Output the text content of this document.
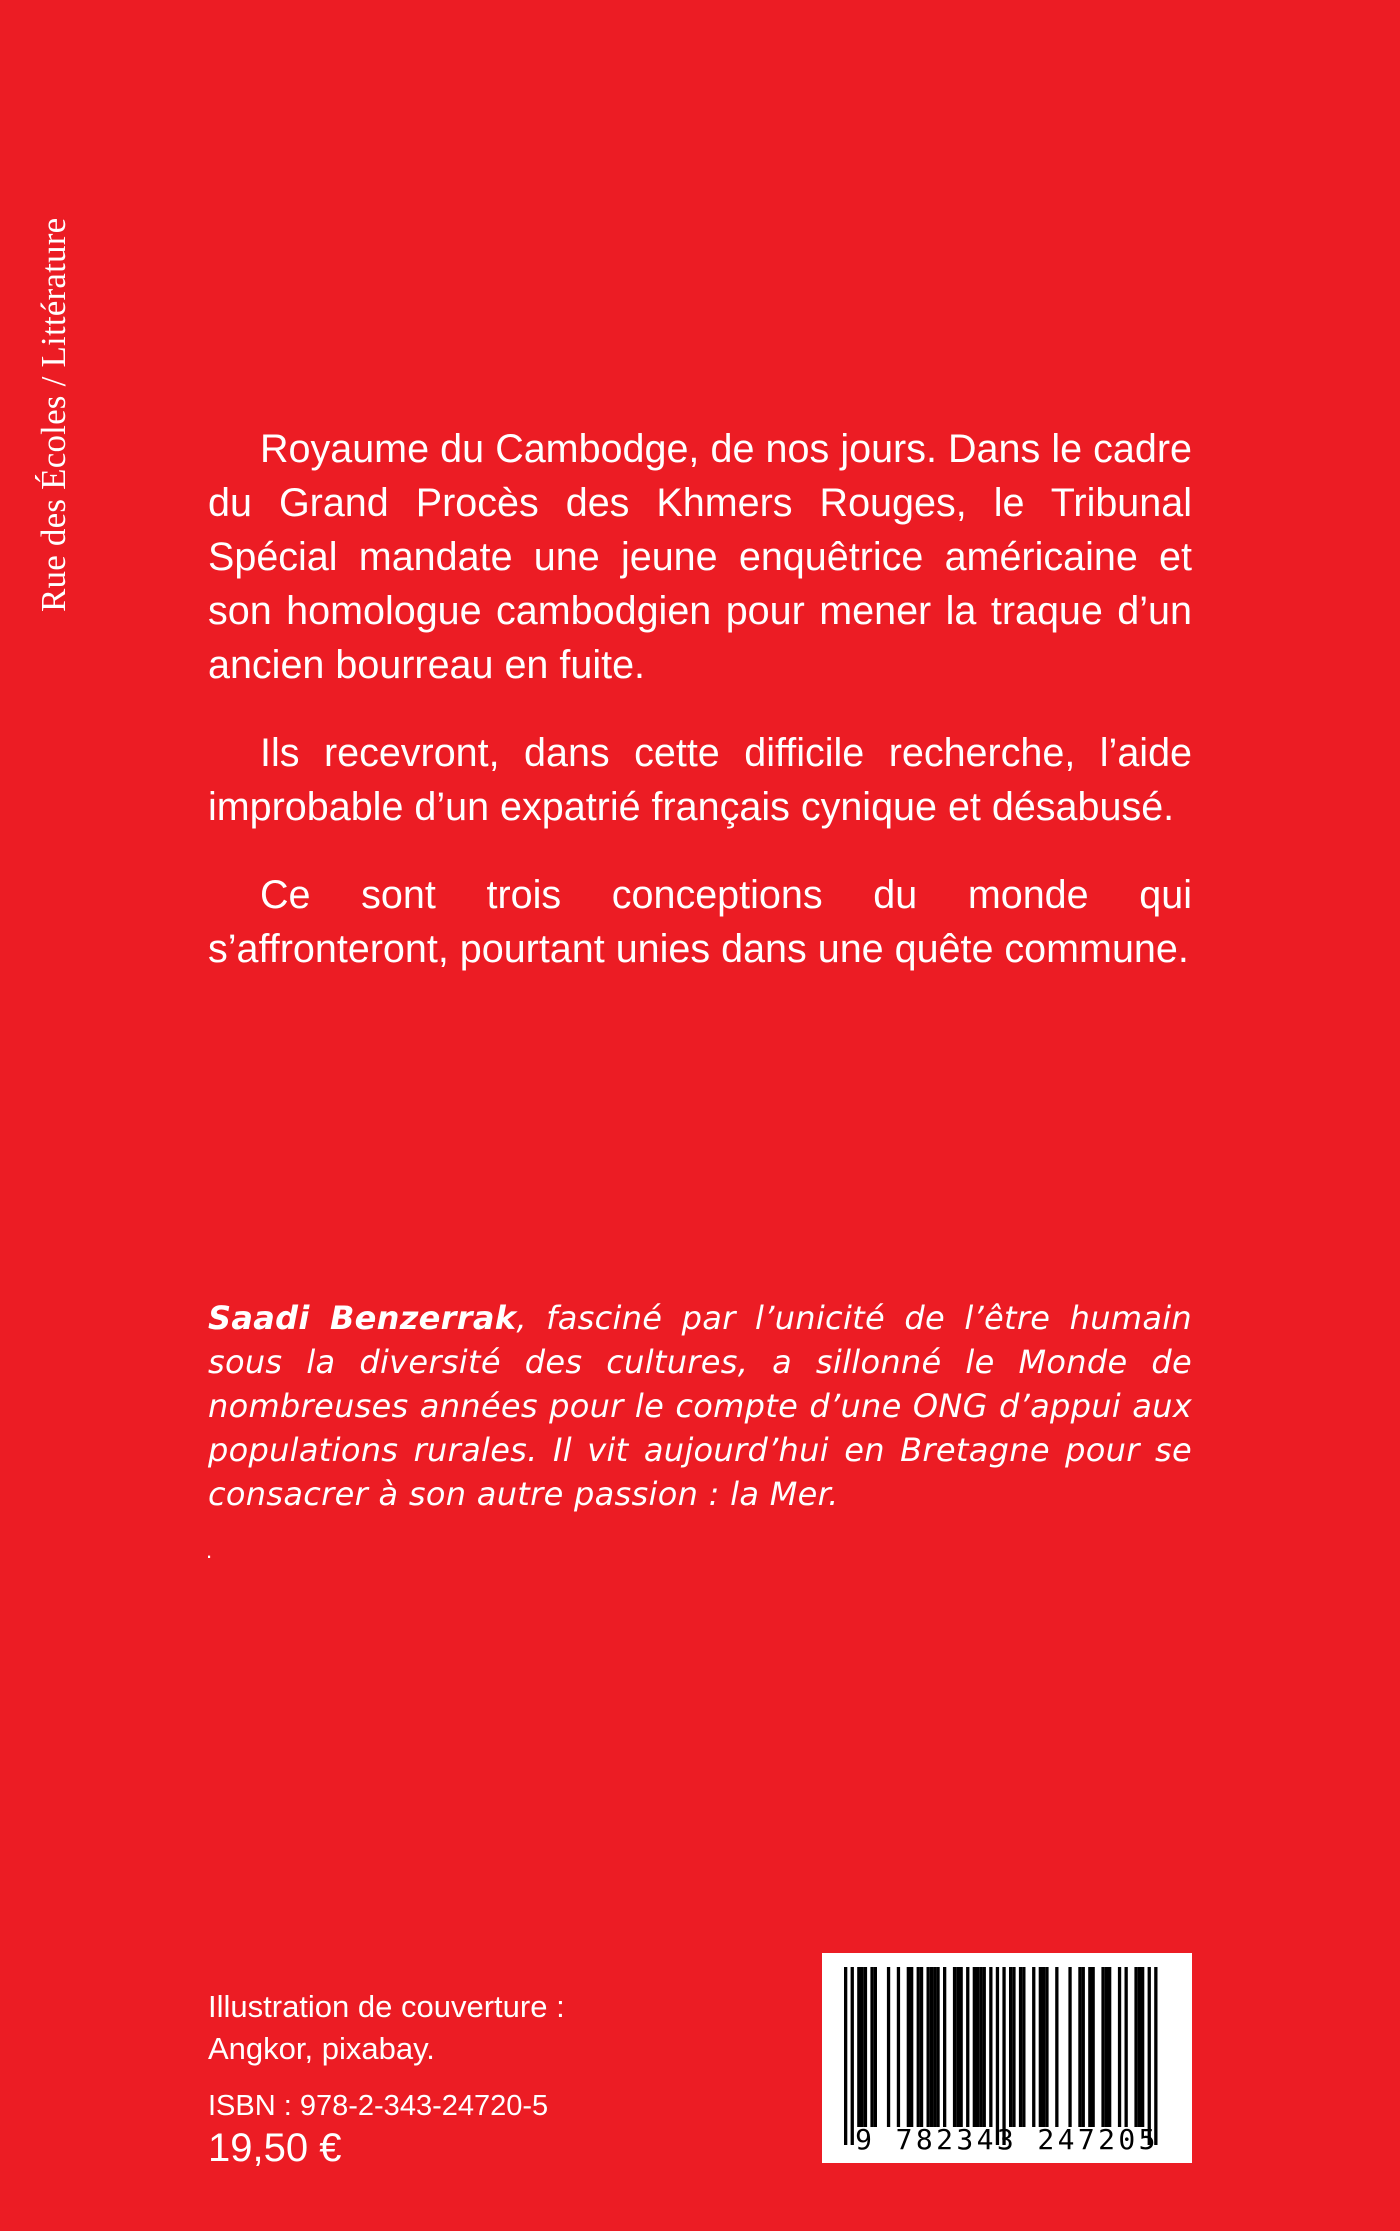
Rue des Écoles / Littérature	Royaume du Cambodge, de nos jours. Dans le cadre du Grand Procès des Khmers Rouges, le Tribunal Spécial mandate une jeune enquêtrice américaine et son homologue cambodgien pour mener la traque d’un ancien bourreau en fuite.

Ils recevront, dans cette difficile recherche, l’aide improbable d’un expatrié français cynique et désabusé.

Ce sont trois conceptions du monde qui s’affronteront, pourtant unies dans une quête commune.

Saadi Benzerrak, fasciné par l’unicité de l’être humain sous la diversité des cultures, a sillonné le Monde de nombreuses années pour le compte d’une ONG d’appui aux populations rurales. Il vit aujourd’hui en Bretagne pour se consacrer à son autre passion : la Mer.
.
Illustration de couverture :
Angkor, pixabay.
ISBN : 978-2-343-24720-5
19,50 €	9 782343 247205
